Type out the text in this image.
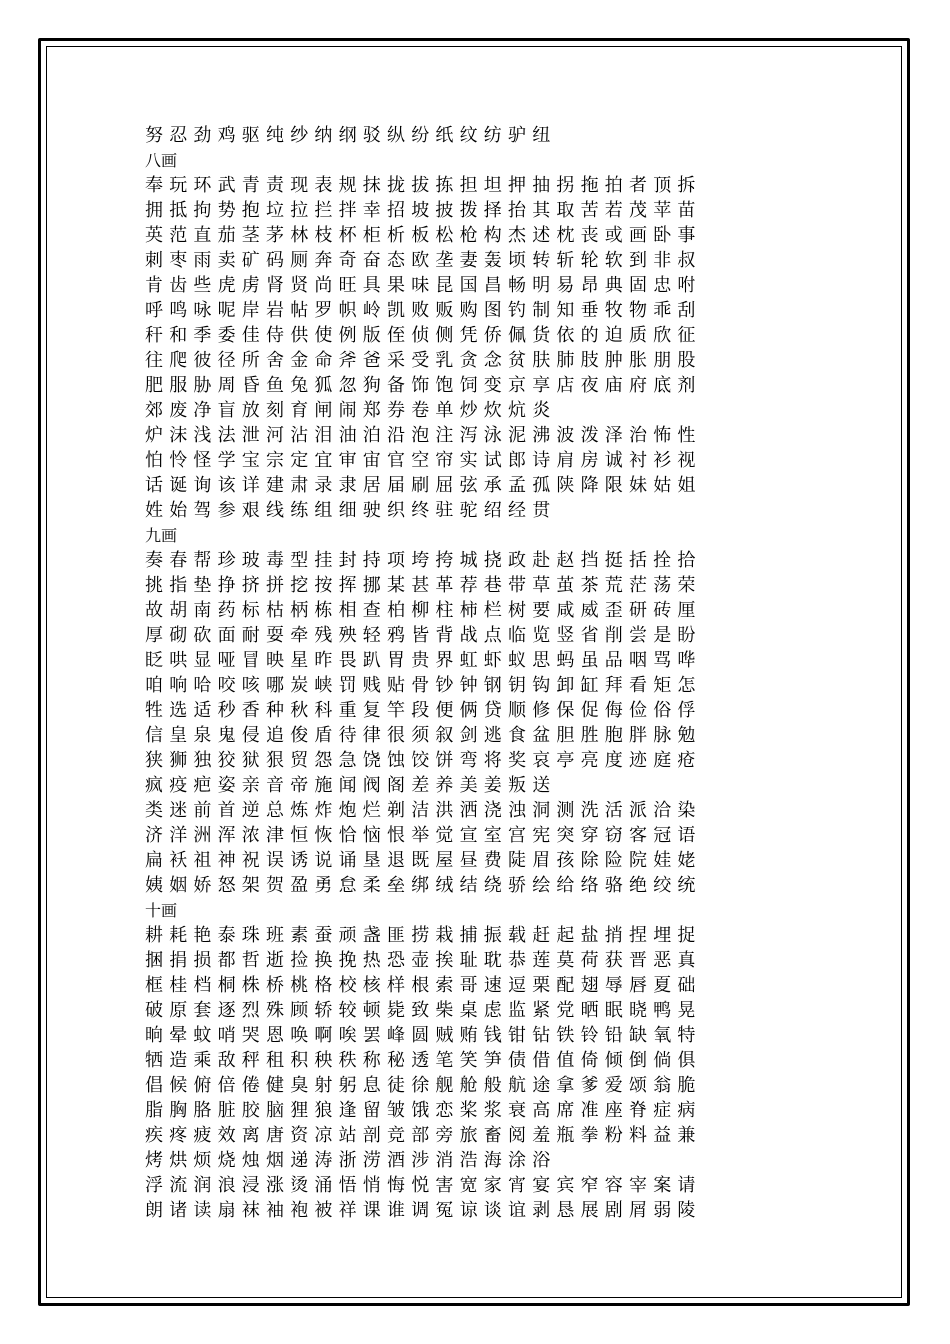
努忍劲鸡驱纯纱纳纲驳纵纷纸纹纺驴纽
八画
奉玩环武青责现表规抹拢拔拣担坦押抽拐拖拍者顶拆
拥抵拘势抱垃拉拦拌幸招坡披拨择抬其取苦若茂苹苗
英范直茄茎茅林枝杯柜析板松枪构杰述枕丧或画卧事
刺枣雨卖矿码厕奔奇奋态欧垄妻轰顷转斩轮软到非叔
肯齿些虎虏肾贤尚旺具果味昆国昌畅明易昂典固忠咐
呼鸣咏呢岸岩帖罗帜岭凯败贩购图钓制知垂牧物乖刮
秆和季委佳侍供使例版侄侦侧凭侨佩货依的迫质欣征
往爬彼径所舍金命斧爸采受乳贪念贫肤肺肢肿胀朋股
肥服胁周昏鱼兔狐忽狗备饰饱饲变京享店夜庙府底剂
郊废净盲放刻育闸闹郑券卷单炒炊炕炎
炉沫浅法泄河沾泪油泊沿泡注泻泳泥沸波泼泽治怖性
怕怜怪学宝宗定宜审宙官空帘实试郎诗肩房诚衬衫视
话诞询该详建肃录隶居届刷屈弦承孟孤陕降限妹姑姐
姓始驾参艰线练组细驶织终驻驼绍经贯
九画
奏春帮珍玻毒型挂封持项垮挎城挠政赴赵挡挺括拴拾
挑指垫挣挤拼挖按挥挪某甚革荐巷带草茧茶荒茫荡荣
故胡南药标枯柄栋相查柏柳柱柿栏树要咸威歪研砖厘
厚砌砍面耐耍牵残殃轻鸦皆背战点临览竖省削尝是盼
眨哄显哑冒映星昨畏趴胃贵界虹虾蚁思蚂虽品咽骂哗
咱响哈咬咳哪炭峡罚贱贴骨钞钟钢钥钩卸缸拜看矩怎
牲选适秒香种秋科重复竿段便俩贷顺修保促侮俭俗俘
信皇泉鬼侵追俊盾待律很须叙剑逃食盆胆胜胞胖脉勉
狭狮独狡狱狠贸怨急饶蚀饺饼弯将奖哀亭亮度迹庭疮
疯疫疤姿亲音帝施闻阀阁差养美姜叛送
类迷前首逆总炼炸炮烂剃洁洪洒浇浊洞测洗活派洽染
济洋洲浑浓津恒恢恰恼恨举觉宣室宫宪突穿窃客冠语
扁袄祖神祝误诱说诵垦退既屋昼费陡眉孩除险院娃姥
姨姻娇怒架贺盈勇怠柔垒绑绒结绕骄绘给络骆绝绞统
十画
耕耗艳泰珠班素蚕顽盏匪捞栽捕振载赶起盐捎捏埋捉
捆捐损都哲逝捡换挽热恐壶挨耻耽恭莲莫荷获晋恶真
框桂档桐株桥桃格校核样根索哥速逗栗配翅辱唇夏础
破原套逐烈殊顾轿较顿毙致柴桌虑监紧党晒眠晓鸭晃
晌晕蚊哨哭恩唤啊唉罢峰圆贼贿钱钳钻铁铃铅缺氧特
牺造乘敌秤租积秧秩称秘透笔笑笋债借值倚倾倒倘俱
倡候俯倍倦健臭射躬息徒徐舰舱般航途拿爹爱颂翁脆
脂胸胳脏胶脑狸狼逢留皱饿恋桨浆衰高席准座脊症病
疾疼疲效离唐资凉站剖竞部旁旅畜阅羞瓶拳粉料益兼
烤烘烦烧烛烟递涛浙涝酒涉消浩海涂浴
浮流润浪浸涨烫涌悟悄悔悦害宽家宵宴宾窄容宰案请
朗诸读扇袜袖袍被祥课谁调冤谅谈谊剥恳展剧屑弱陵
